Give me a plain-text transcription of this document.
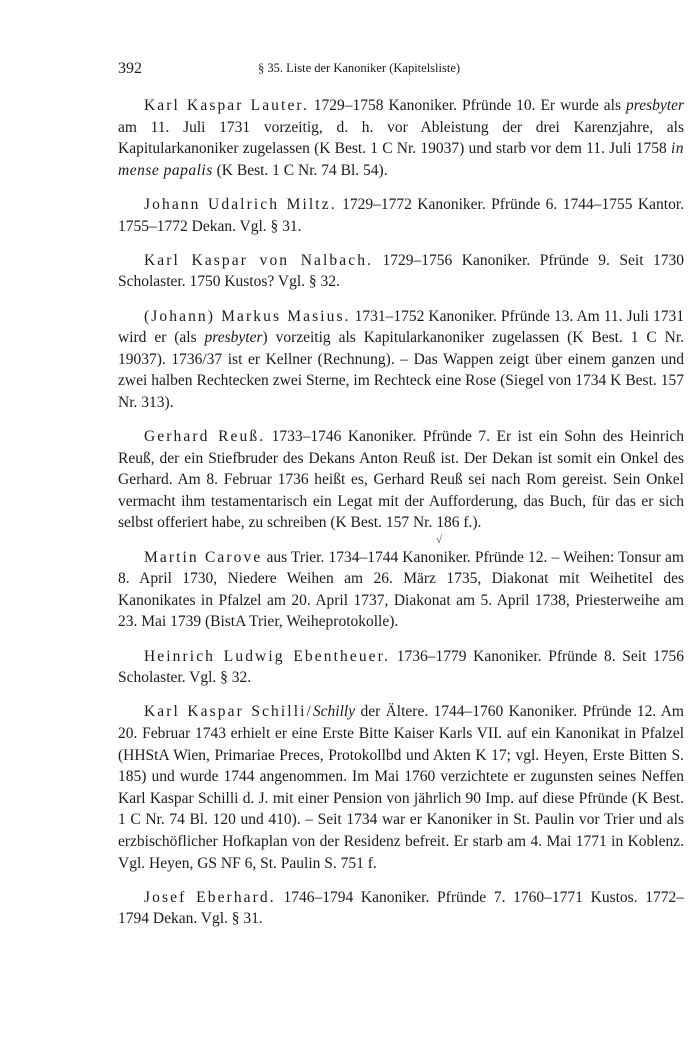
392	§ 35. Liste der Kanoniker (Kapitelsliste)

Karl Kaspar Lauter. 1729–1758 Kanoniker. Pfründe 10. Er wurde als presbyter am 11. Juli 1731 vorzeitig, d. h. vor Ableistung der drei Karenzjahre, als Kapitularkanoniker zugelassen (K Best. 1 C Nr. 19037) und starb vor dem 11. Juli 1758 in mense papalis (K Best. 1 C Nr. 74 Bl. 54).

Johann Udalrich Miltz. 1729–1772 Kanoniker. Pfründe 6. 1744–1755 Kantor. 1755–1772 Dekan. Vgl. § 31.

Karl Kaspar von Nalbach. 1729–1756 Kanoniker. Pfründe 9. Seit 1730 Scholaster. 1750 Kustos? Vgl. § 32.

(Johann) Markus Masius. 1731–1752 Kanoniker. Pfründe 13. Am 11. Juli 1731 wird er (als presbyter) vorzeitig als Kapitularkanoniker zugelassen (K Best. 1 C Nr. 19037). 1736/37 ist er Kellner (Rechnung). – Das Wappen zeigt über einem ganzen und zwei halben Rechtecken zwei Sterne, im Rechteck eine Rose (Siegel von 1734 K Best. 157 Nr. 313).

Gerhard Reuß. 1733–1746 Kanoniker. Pfründe 7. Er ist ein Sohn des Heinrich Reuß, der ein Stiefbruder des Dekans Anton Reuß ist. Der Dekan ist somit ein Onkel des Gerhard. Am 8. Februar 1736 heißt es, Gerhard Reuß sei nach Rom gereist. Sein Onkel vermacht ihm testamentarisch ein Legat mit der Aufforderung, das Buch, für das er sich selbst offeriert habe, zu schreiben (K Best. 157 Nr. 186 f.).

Martin Carove aus Trier. 1734–1744 Kanoniker. Pfründe 12. – Weihen: Tonsur am 8. April 1730, Niedere Weihen am 26. März 1735, Diakonat mit Weihetitel des Kanonikates in Pfalzel am 20. April 1737, Diakonat am 5. April 1738, Priesterweihe am 23. Mai 1739 (BistA Trier, Weiheprotokolle).

Heinrich Ludwig Ebentheuer. 1736–1779 Kanoniker. Pfründe 8. Seit 1756 Scholaster. Vgl. § 32.

Karl Kaspar Schilli/Schilly der Ältere. 1744–1760 Kanoniker. Pfründe 12. Am 20. Februar 1743 erhielt er eine Erste Bitte Kaiser Karls VII. auf ein Kanonikat in Pfalzel (HHStA Wien, Primariae Preces, Protokollbd und Akten K 17; vgl. Heyen, Erste Bitten S. 185) und wurde 1744 angenommen. Im Mai 1760 verzichtete er zugunsten seines Neffen Karl Kaspar Schilli d. J. mit einer Pension von jährlich 90 Imp. auf diese Pfründe (K Best. 1 C Nr. 74 Bl. 120 und 410). – Seit 1734 war er Kanoniker in St. Paulin vor Trier und als erzbischöflicher Hofkaplan von der Residenz befreit. Er starb am 4. Mai 1771 in Koblenz. Vgl. Heyen, GS NF 6, St. Paulin S. 751 f.

Josef Eberhard. 1746–1794 Kanoniker. Pfründe 7. 1760–1771 Kustos. 1772–1794 Dekan. Vgl. § 31.

√
